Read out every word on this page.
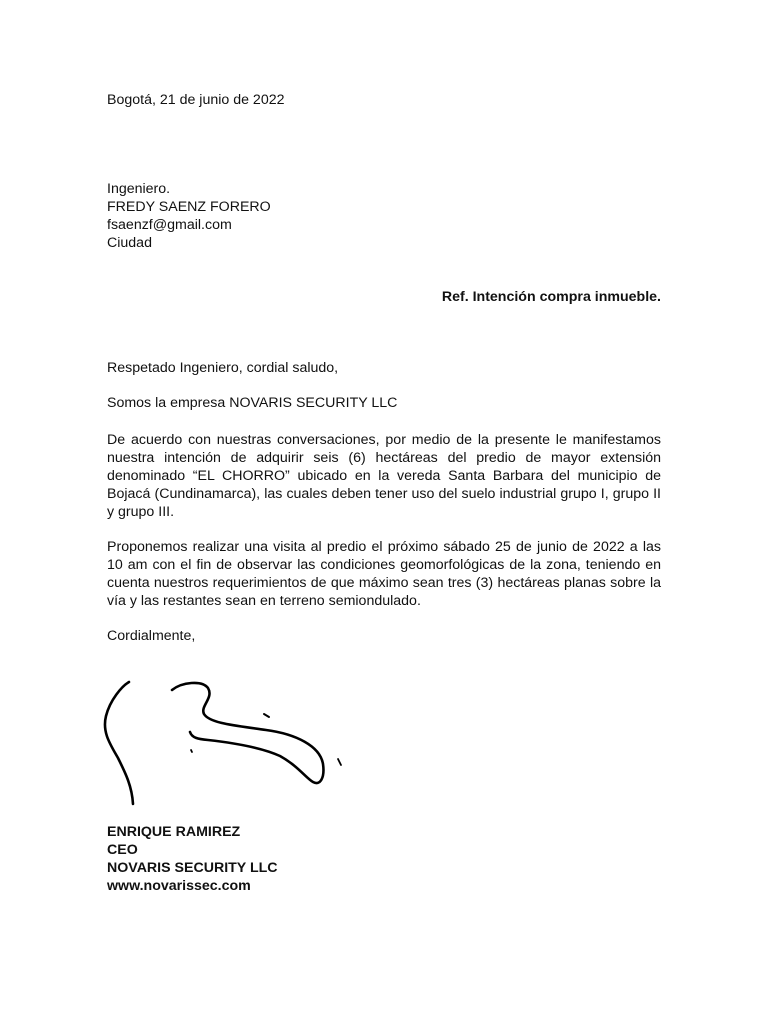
Bogotá, 21 de junio de 2022

Ingeniero.
FREDY SAENZ FORERO
fsaenzf@gmail.com
Ciudad

Ref. Intención compra inmueble.

Respetado Ingeniero, cordial saludo,

Somos la empresa NOVARIS SECURITY LLC

De acuerdo con nuestras conversaciones, por medio de la presente le manifestamos nuestra intención de adquirir seis (6) hectáreas del predio de mayor extensión denominado “EL CHORRO” ubicado en la vereda Santa Barbara del municipio de Bojacá (Cundinamarca), las cuales deben tener uso del suelo industrial grupo I, grupo II y grupo III.

Proponemos realizar una visita al predio el próximo sábado 25 de junio de 2022 a las 10 am con el fin de observar las condiciones geomorfológicas de la zona, teniendo en cuenta nuestros requerimientos de que máximo sean tres (3) hectáreas planas sobre la vía y las restantes sean en terreno semiondulado.

Cordialmente,

ENRIQUE RAMIREZ
CEO
NOVARIS SECURITY LLC
www.novarissec.com
